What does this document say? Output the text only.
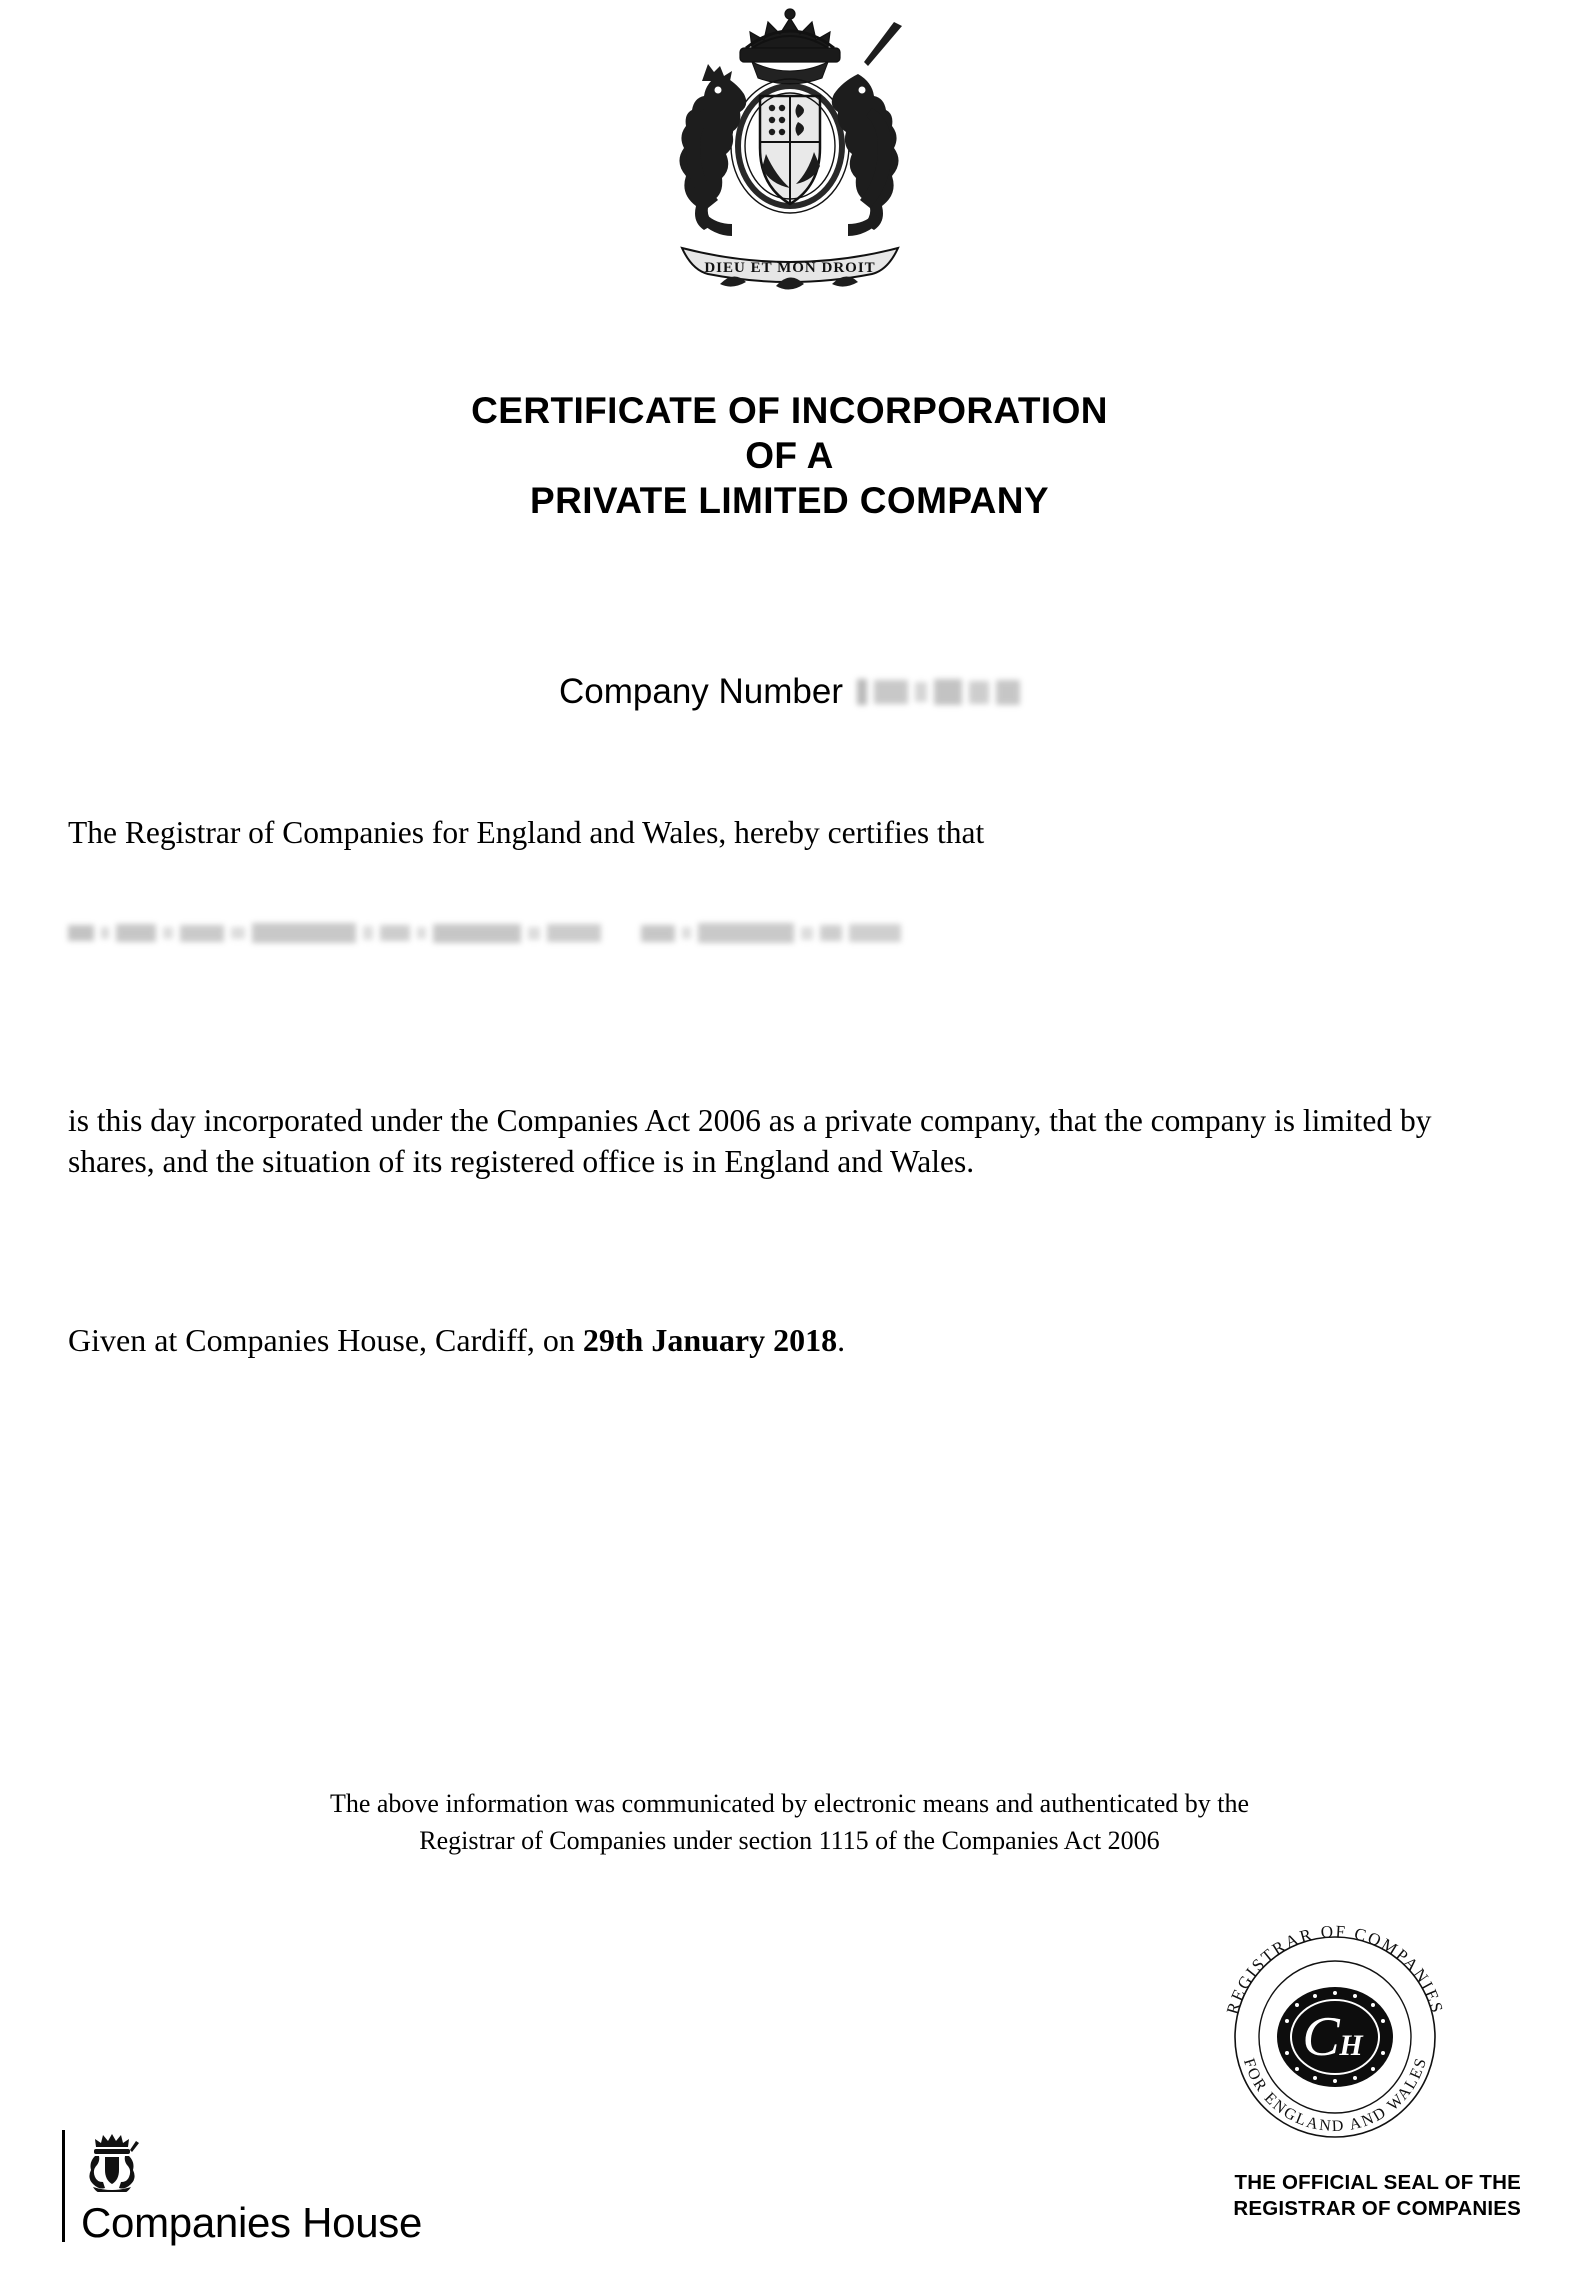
DIEU ET MON DROIT
CERTIFICATE OF INCORPORATION
OF A
PRIVATE LIMITED COMPANY
Company Number
The Registrar of Companies for England and Wales, hereby certifies that
is this day incorporated under the Companies Act 2006 as a private company, that the company is limited by shares, and the situation of its registered office is in England and Wales.
Given at Companies House, Cardiff, on 29th January 2018.
The above information was communicated by electronic means and authenticated by the
Registrar of Companies under section 1115 of the Companies Act 2006
C H
REGISTRAR OF COMPANIES
FOR ENGLAND AND WALES
THE OFFICIAL SEAL OF THE
REGISTRAR OF COMPANIES
Companies House
